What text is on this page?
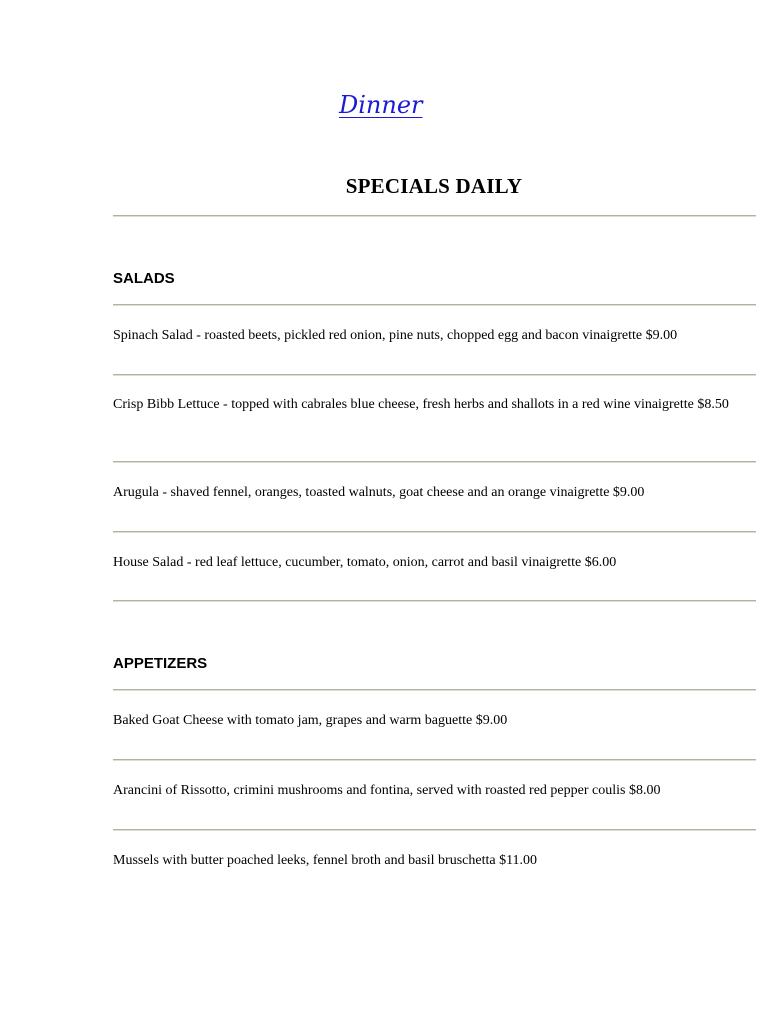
Dinner
SPECIALS DAILY
SALADS

Spinach Salad - roasted beets, pickled red onion, pine nuts, chopped egg and bacon vinaigrette $9.00

Crisp Bibb Lettuce - topped with cabrales blue cheese, fresh herbs and shallots in a red wine vinaigrette $8.50

Arugula - shaved fennel, oranges, toasted walnuts, goat cheese and an orange vinaigrette $9.00

House Salad - red leaf lettuce, cucumber, tomato, onion, carrot and basil vinaigrette $6.00

APPETIZERS

Baked Goat Cheese with tomato jam, grapes and warm baguette $9.00

Arancini of Rissotto, crimini mushrooms and fontina, served with roasted red pepper coulis $8.00

Mussels with butter poached leeks, fennel broth and basil bruschetta $11.00
